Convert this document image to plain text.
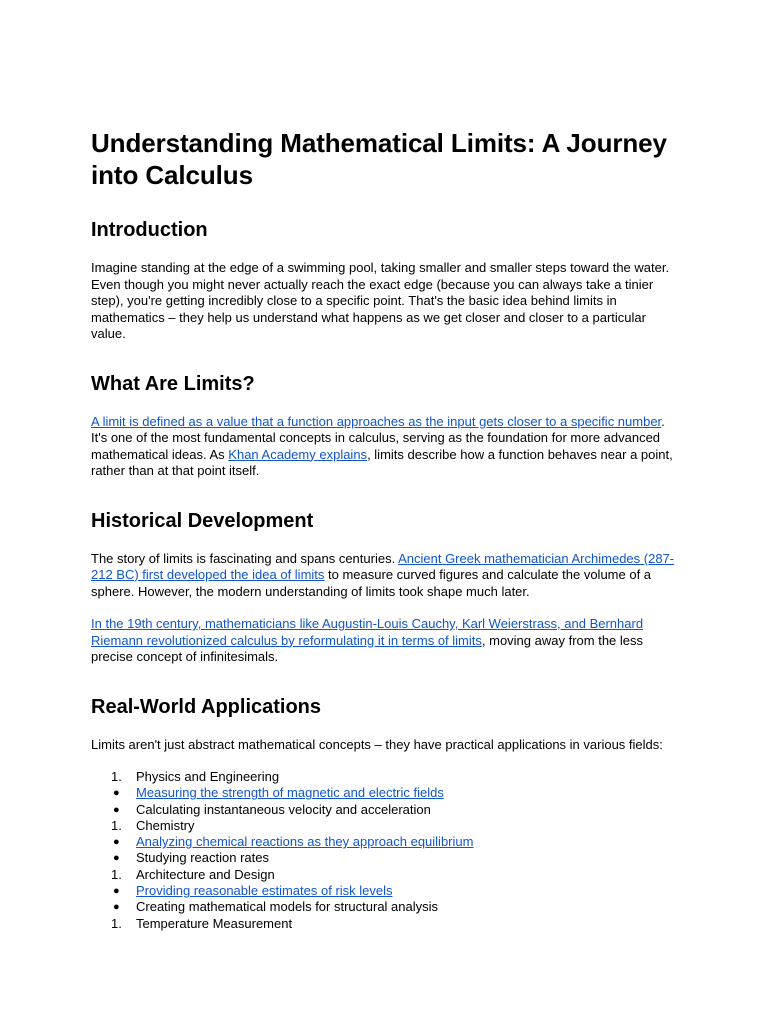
Understanding Mathematical Limits: A Journey into Calculus
Introduction

Imagine standing at the edge of a swimming pool, taking smaller and smaller steps toward the water. Even though you might never actually reach the exact edge (because you can always take a tinier step), you're getting incredibly close to a specific point. That's the basic idea behind limits in mathematics – they help us understand what happens as we get closer and closer to a particular value.

What Are Limits?

A limit is defined as a value that a function approaches as the input gets closer to a specific number. It's one of the most fundamental concepts in calculus, serving as the foundation for more advanced mathematical ideas. As Khan Academy explains, limits describe how a function behaves near a point, rather than at that point itself.

Historical Development

The story of limits is fascinating and spans centuries. Ancient Greek mathematician Archimedes (287-212 BC) first developed the idea of limits to measure curved figures and calculate the volume of a sphere. However, the modern understanding of limits took shape much later.

In the 19th century, mathematicians like Augustin-Louis Cauchy, Karl Weierstrass, and Bernhard Riemann revolutionized calculus by reformulating it in terms of limits, moving away from the less precise concept of infinitesimals.

Real-World Applications

Limits aren't just abstract mathematical concepts – they have practical applications in various fields:

1.	Physics and Engineering
●	Measuring the strength of magnetic and electric fields
●	Calculating instantaneous velocity and acceleration
1.	Chemistry
●	Analyzing chemical reactions as they approach equilibrium
●	Studying reaction rates
1.	Architecture and Design
●	Providing reasonable estimates of risk levels
●	Creating mathematical models for structural analysis
1.	Temperature Measurement
